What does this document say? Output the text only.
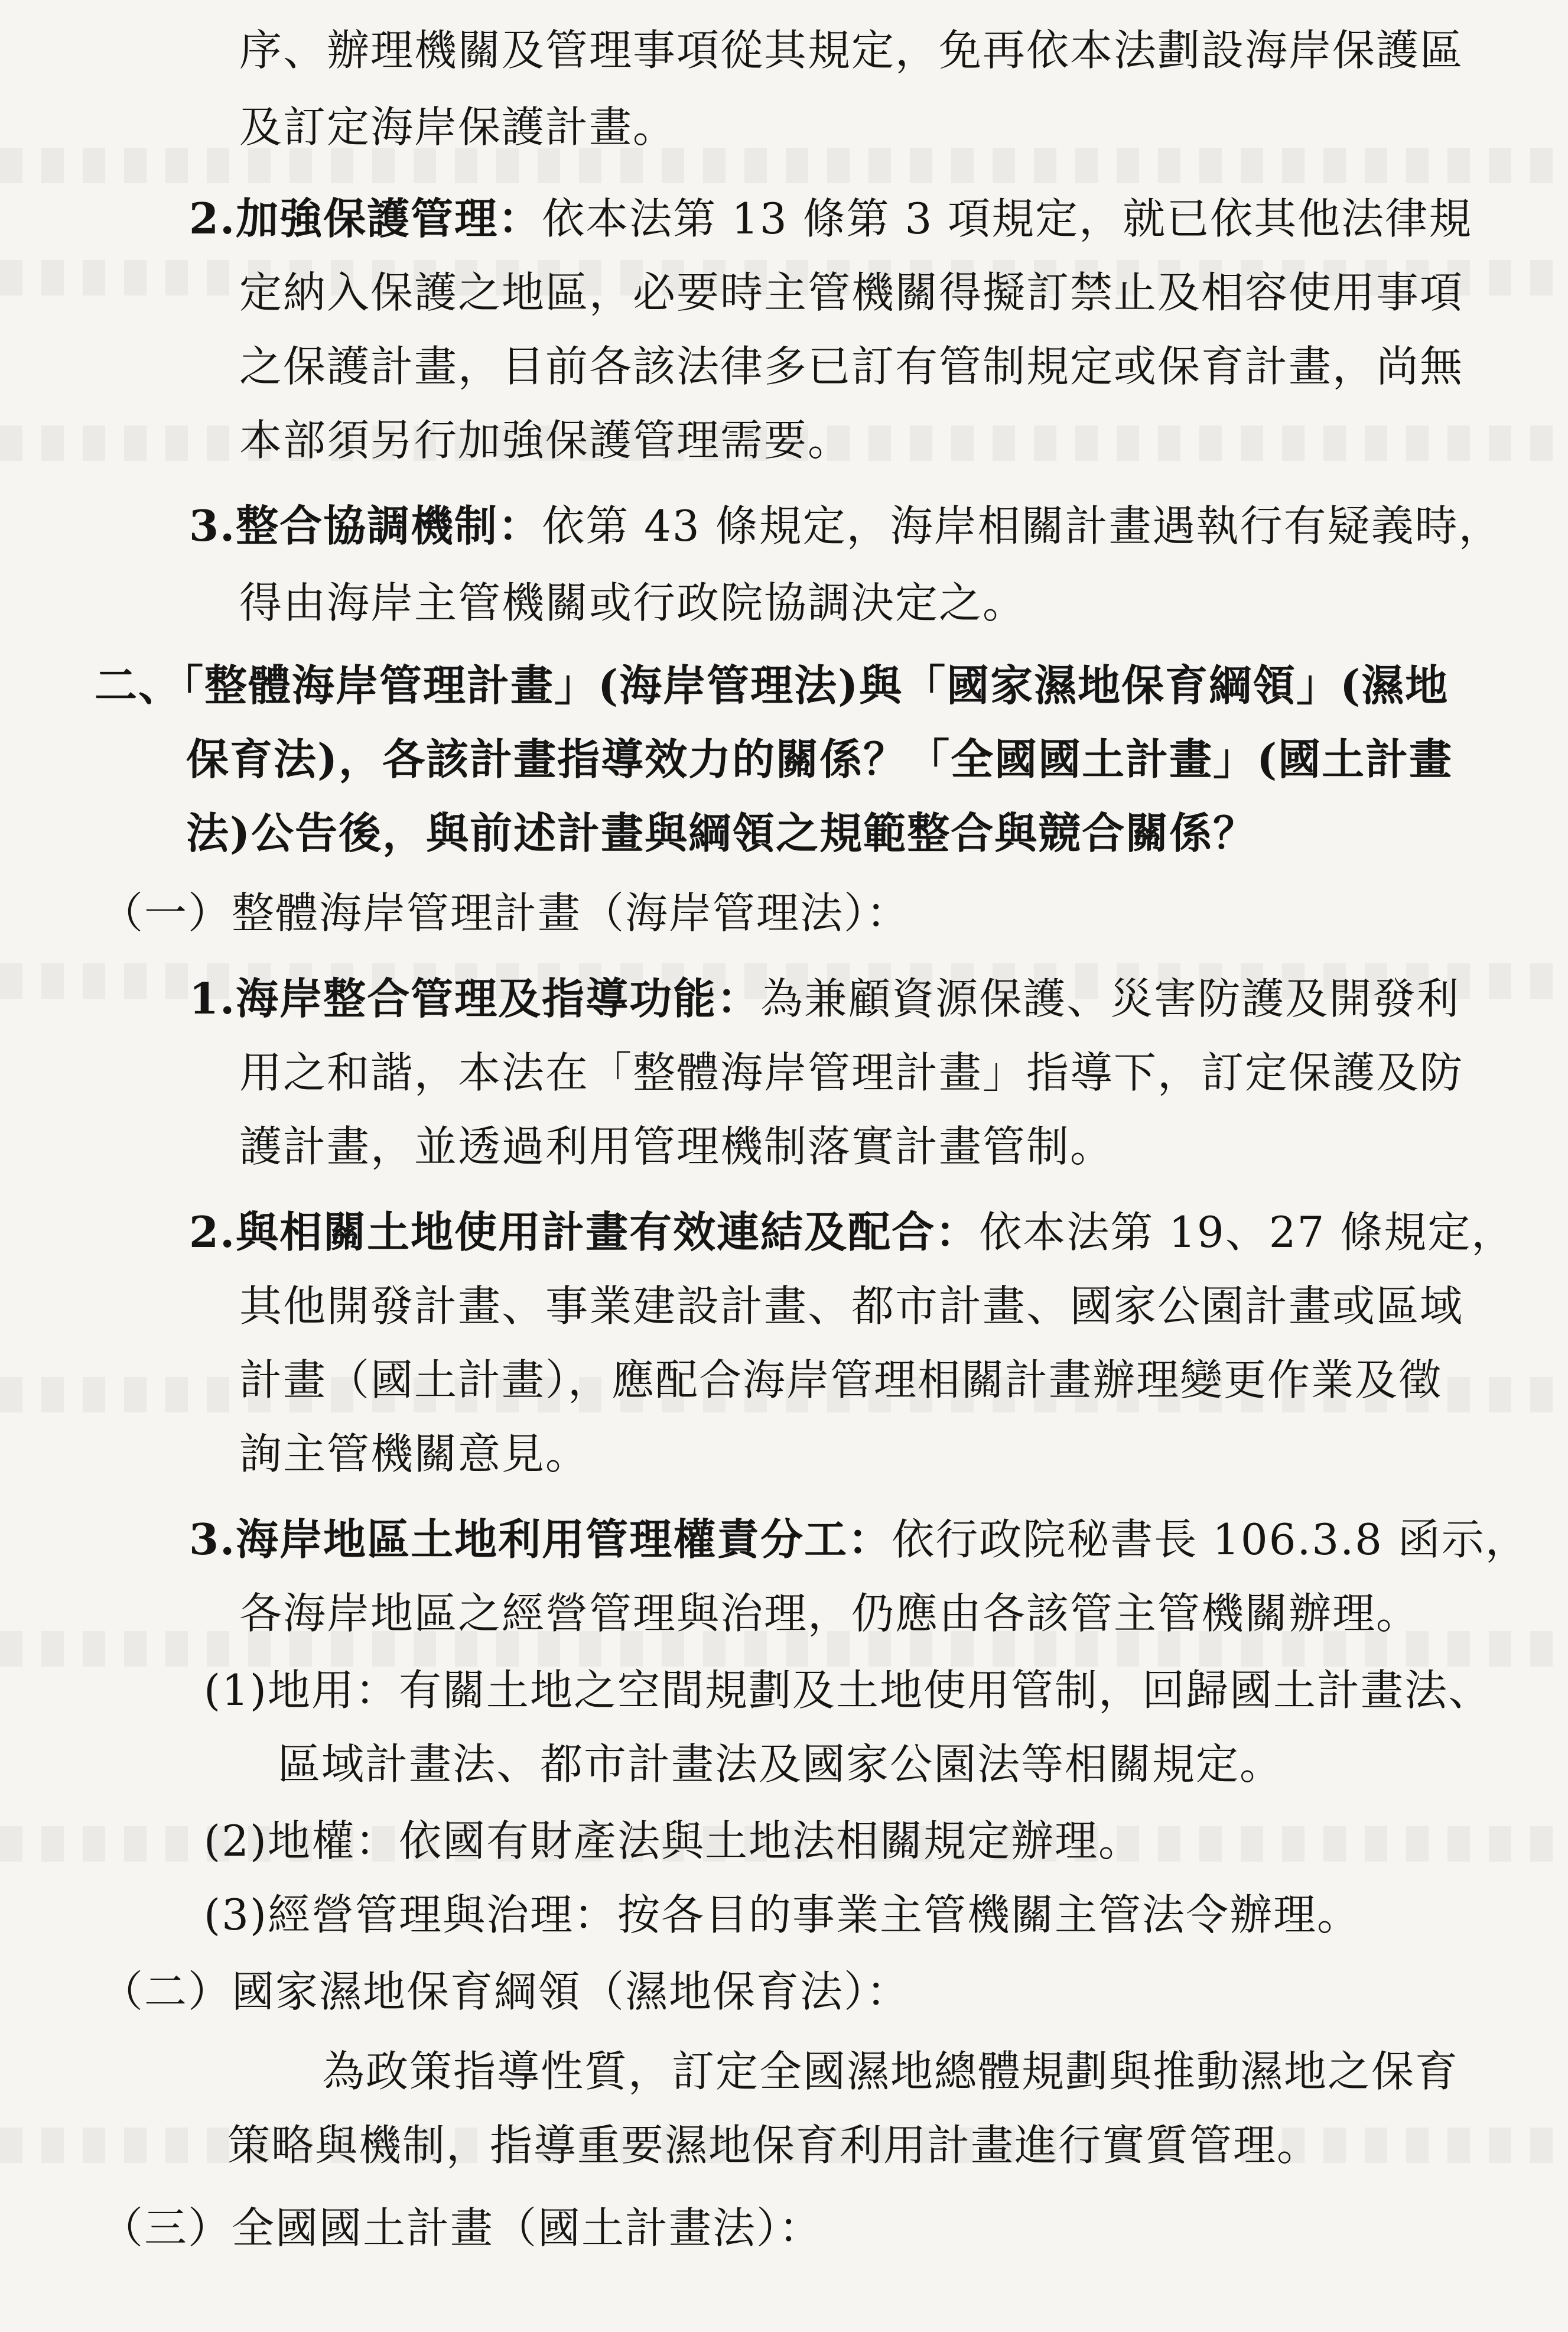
序、辦理機關及管理事項從其規定，免再依本法劃設海岸保護區

及訂定海岸保護計畫。

2.加強保護管理：依本法第 13 條第 3 項規定，就已依其他法律規

定納入保護之地區，必要時主管機關得擬訂禁止及相容使用事項

之保護計畫，目前各該法律多已訂有管制規定或保育計畫，尚無

本部須另行加強保護管理需要。

3.整合協調機制：依第 43 條規定，海岸相關計畫遇執行有疑義時，

得由海岸主管機關或行政院協調決定之。

二、「整體海岸管理計畫」(海岸管理法)與「國家濕地保育綱領」(濕地

保育法)，各該計畫指導效力的關係？「全國國土計畫」(國土計畫

法)公告後，與前述計畫與綱領之規範整合與競合關係？

（一）整體海岸管理計畫（海岸管理法）：

1.海岸整合管理及指導功能：為兼顧資源保護、災害防護及開發利

用之和諧，本法在「整體海岸管理計畫」指導下，訂定保護及防

護計畫，並透過利用管理機制落實計畫管制。

2.與相關土地使用計畫有效連結及配合：依本法第 19、27 條規定，

其他開發計畫、事業建設計畫、都市計畫、國家公園計畫或區域

計畫（國土計畫），應配合海岸管理相關計畫辦理變更作業及徵

詢主管機關意見。

3.海岸地區土地利用管理權責分工：依行政院秘書長 106.3.8 函示，

各海岸地區之經營管理與治理，仍應由各該管主管機關辦理。

(1)地用：有關土地之空間規劃及土地使用管制，回歸國土計畫法、

區域計畫法、都市計畫法及國家公園法等相關規定。

(2)地權：依國有財產法與土地法相關規定辦理。

(3)經營管理與治理：按各目的事業主管機關主管法令辦理。

（二）國家濕地保育綱領（濕地保育法）：

為政策指導性質，訂定全國濕地總體規劃與推動濕地之保育

策略與機制，指導重要濕地保育利用計畫進行實質管理。

（三）全國國土計畫（國土計畫法）：
